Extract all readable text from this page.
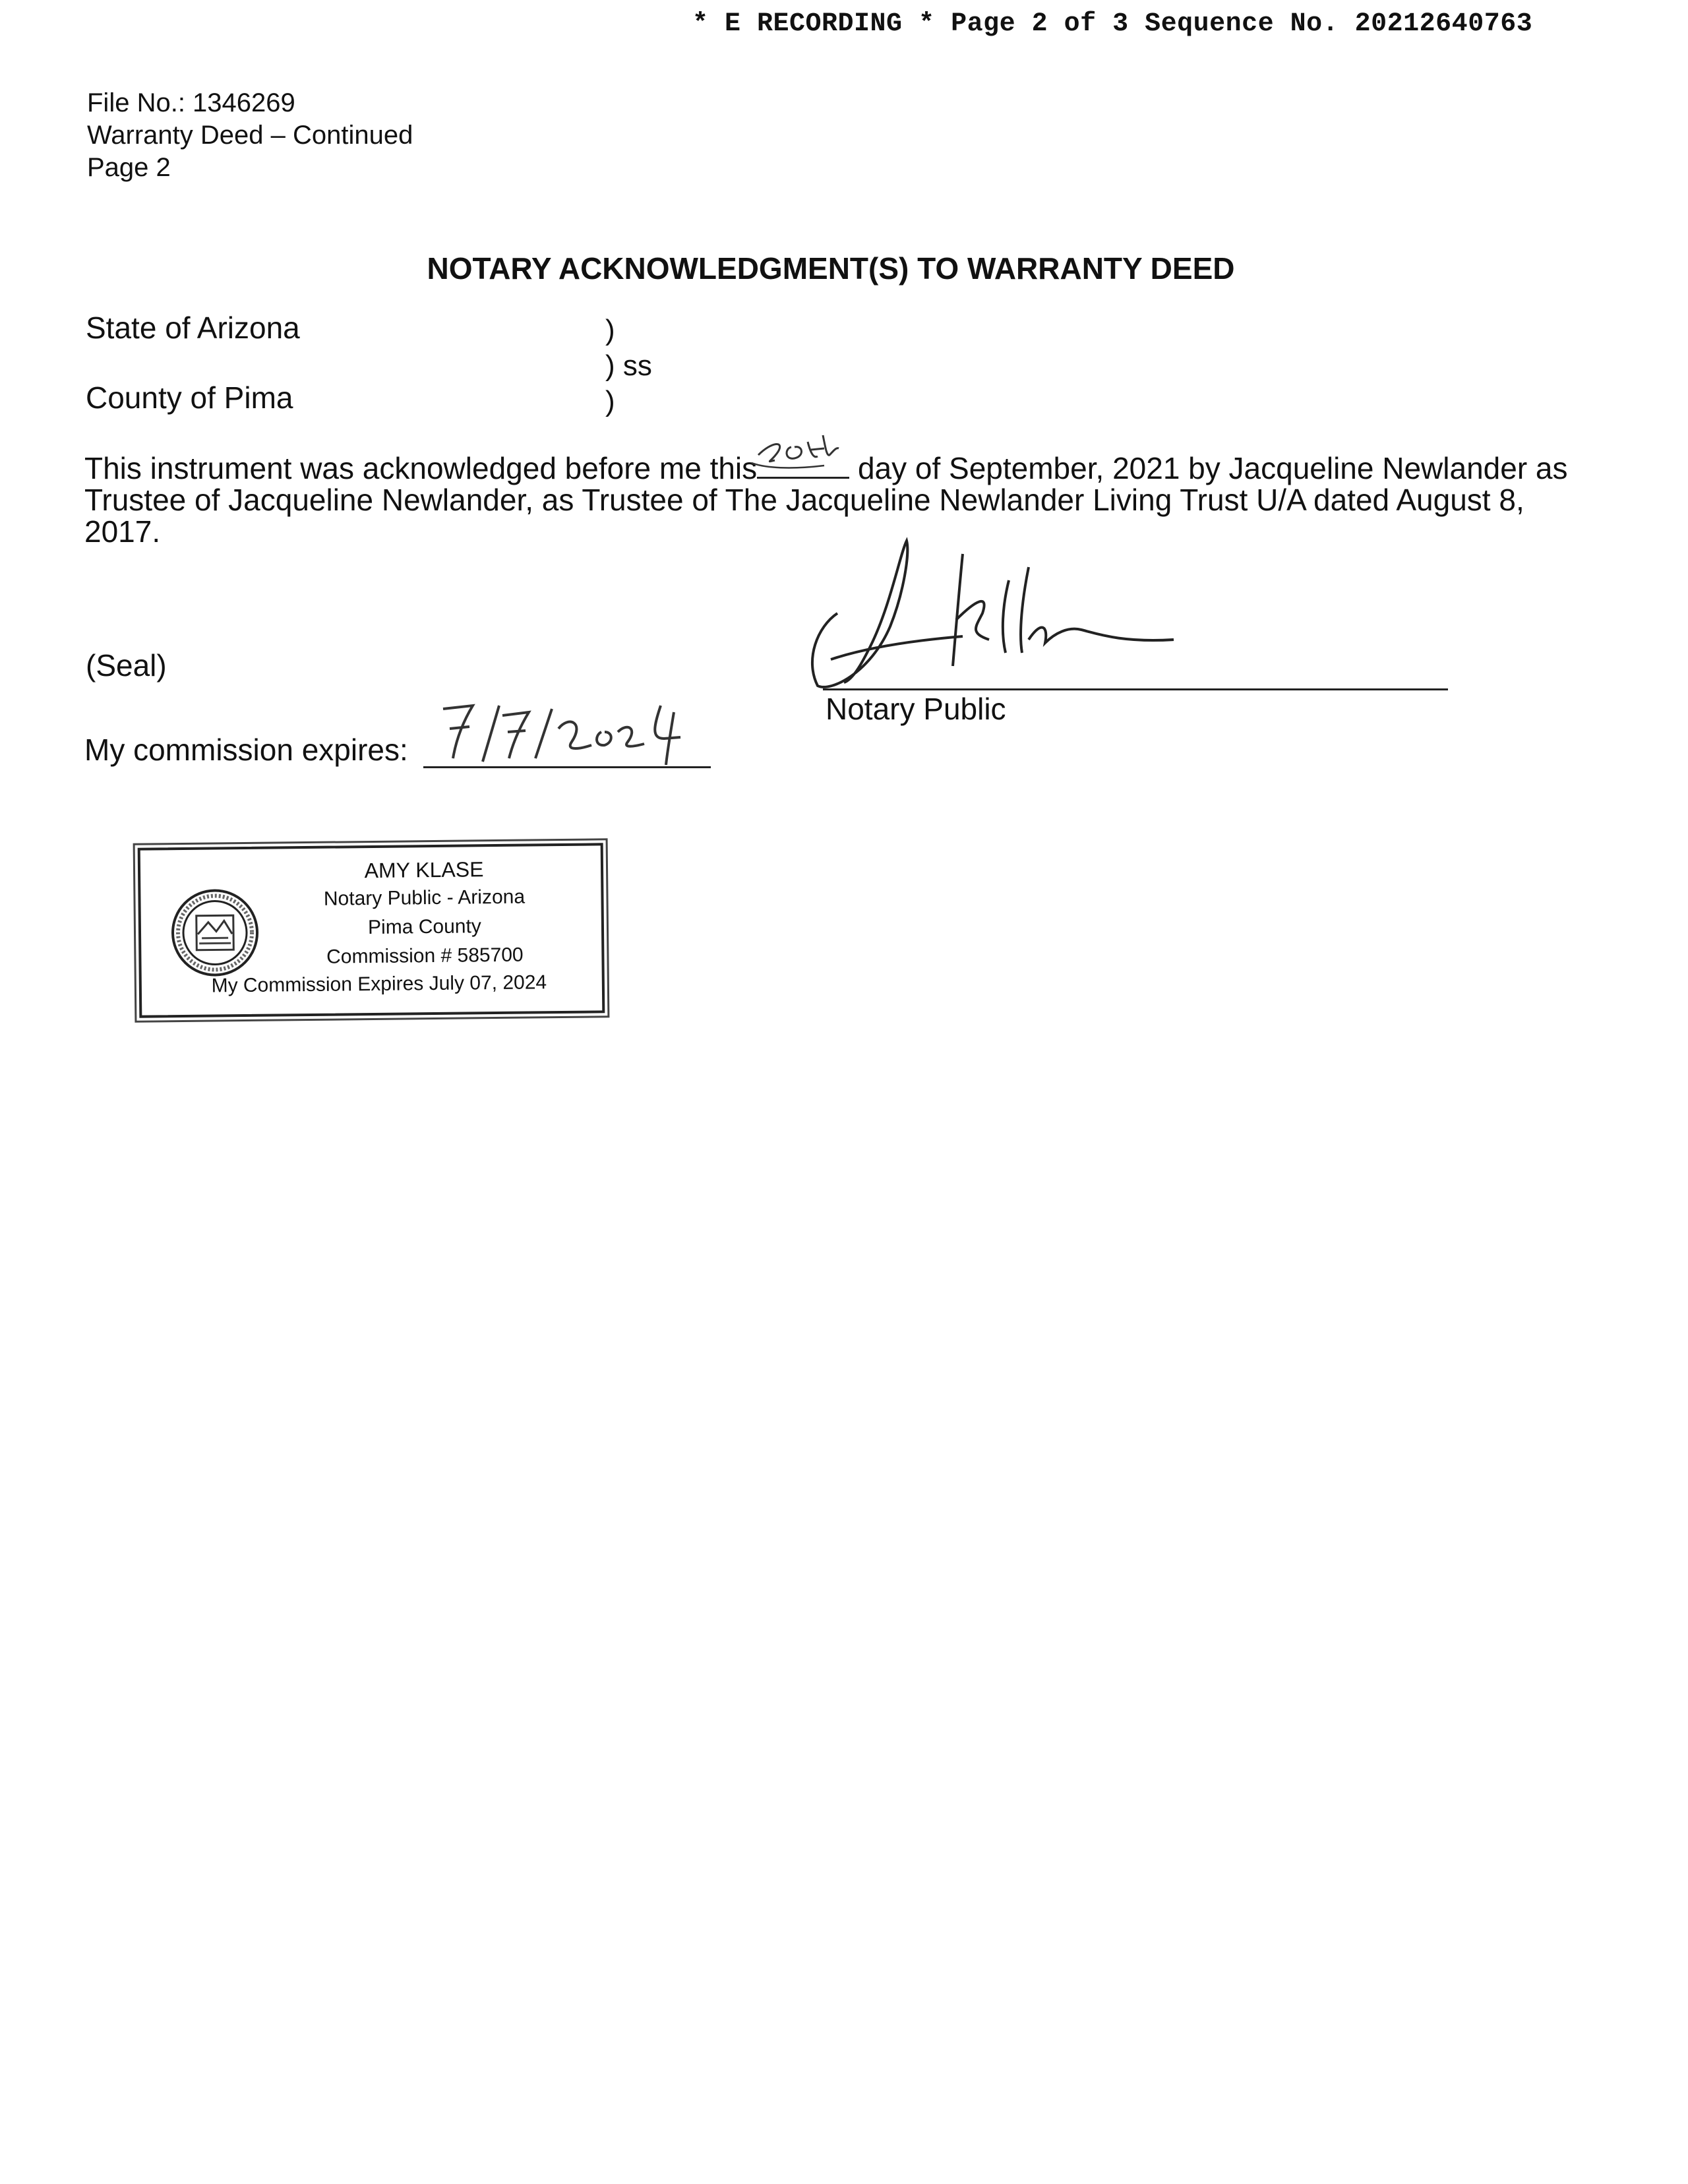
* E RECORDING * Page 2 of 3 Sequence No. 20212640763
File No.: 1346269
Warranty Deed – Continued
Page 2
NOTARY ACKNOWLEDGMENT(S) TO WARRANTY DEED
State of Arizona
County of Pima
)
) ss
)
This instrument was acknowledged before me this	day of September, 2021 by Jacqueline Newlander as
Trustee of Jacqueline Newlander, as Trustee of The Jacqueline Newlander Living Trust U/A dated August 8,
2017.
(Seal)
Notary Public
My commission expires:
AMY KLASE
Notary Public - Arizona
Pima County
Commission # 585700
My Commission Expires July 07, 2024
